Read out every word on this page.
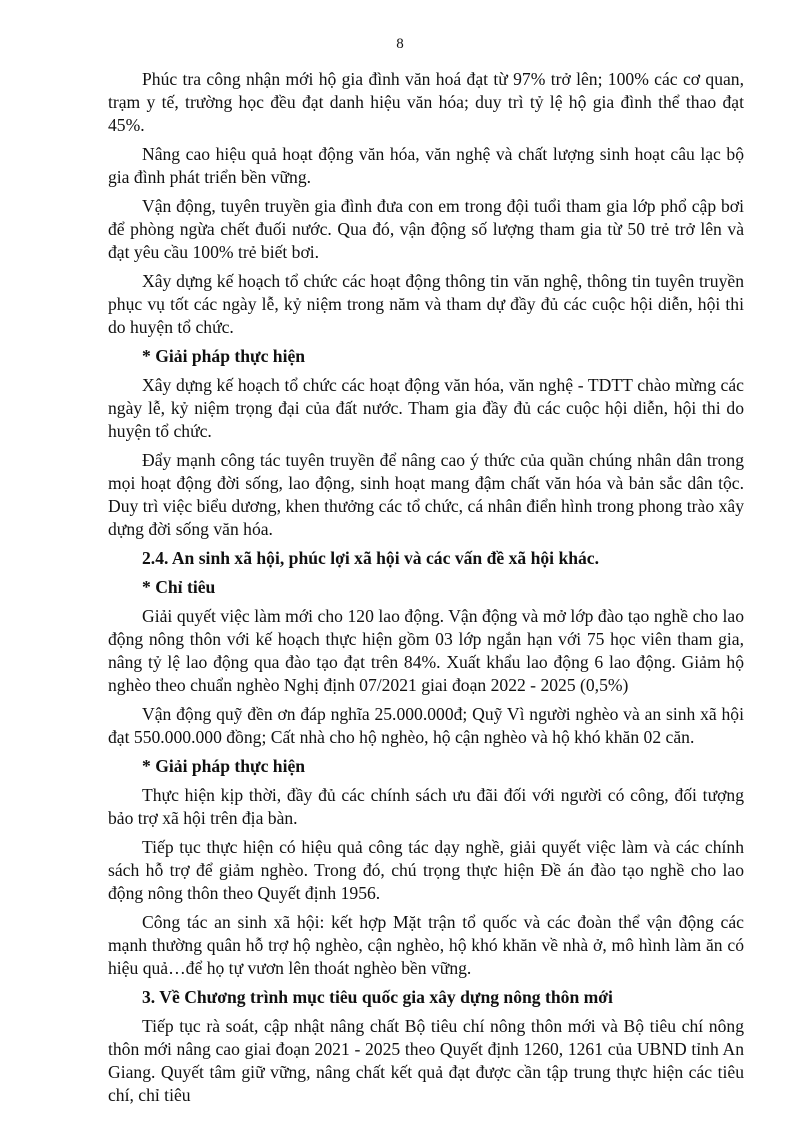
8

Phúc tra công nhận mới hộ gia đình văn hoá đạt từ 97% trở lên; 100% các cơ quan, trạm y tế, trường học đều đạt danh hiệu văn hóa; duy trì tỷ lệ hộ gia đình thể thao đạt 45%.

Nâng cao hiệu quả hoạt động văn hóa, văn nghệ và chất lượng sinh hoạt câu lạc bộ gia đình phát triển bền vững.

Vận động, tuyên truyền gia đình đưa con em trong đội tuổi tham gia lớp phổ cập bơi để phòng ngừa chết đuối nước. Qua đó, vận động số lượng tham gia từ 50 trẻ trở lên và đạt yêu cầu 100% trẻ biết bơi.

Xây dựng kế hoạch tổ chức các hoạt động thông tin văn nghệ, thông tin tuyên truyền phục vụ tốt các ngày lễ, kỷ niệm trong năm và tham dự đầy đủ các cuộc hội diễn, hội thi do huyện tổ chức.

* Giải pháp thực hiện

Xây dựng kế hoạch tổ chức các hoạt động văn hóa, văn nghệ - TDTT chào mừng các ngày lễ, kỷ niệm trọng đại của đất nước. Tham gia đầy đủ các cuộc hội diễn, hội thi do huyện tổ chức.

Đẩy mạnh công tác tuyên truyền để nâng cao ý thức của quần chúng nhân dân trong mọi hoạt động đời sống, lao động, sinh hoạt mang đậm chất văn hóa và bản sắc dân tộc. Duy trì việc biểu dương, khen thưởng các tổ chức, cá nhân điển hình trong phong trào xây dựng đời sống văn hóa.

2.4. An sinh xã hội, phúc lợi xã hội và các vấn đề xã hội khác.
* Chỉ tiêu

Giải quyết việc làm mới cho 120 lao động. Vận động và mở lớp đào tạo nghề cho lao động nông thôn với kế hoạch thực hiện gồm 03 lớp ngắn hạn với 75 học viên tham gia, nâng tỷ lệ lao động qua đào tạo đạt trên 84%. Xuất khẩu lao động 6 lao động. Giảm hộ nghèo theo chuẩn nghèo Nghị định 07/2021 giai đoạn 2022 - 2025 (0,5%)

Vận động quỹ đền ơn đáp nghĩa 25.000.000đ; Quỹ Vì người nghèo và an sinh xã hội đạt 550.000.000 đồng; Cất nhà cho hộ nghèo, hộ cận nghèo và hộ khó khăn 02 căn.

* Giải pháp thực hiện

Thực hiện kịp thời, đầy đủ các chính sách ưu đãi đối với người có công, đối tượng bảo trợ xã hội trên địa bàn.

Tiếp tục thực hiện có hiệu quả công tác dạy nghề, giải quyết việc làm và các chính sách hỗ trợ để giảm nghèo. Trong đó, chú trọng thực hiện Đề án đào tạo nghề cho lao động nông thôn theo Quyết định 1956.

Công tác an sinh xã hội: kết hợp Mặt trận tổ quốc và các đoàn thể vận động các mạnh thường quân hỗ trợ hộ nghèo, cận nghèo, hộ khó khăn về nhà ở, mô hình làm ăn có hiệu quả…để họ tự vươn lên thoát nghèo bền vững.

3. Về Chương trình mục tiêu quốc gia xây dựng nông thôn mới

Tiếp tục rà soát, cập nhật nâng chất Bộ tiêu chí nông thôn mới và Bộ tiêu chí nông thôn mới nâng cao giai đoạn 2021 - 2025 theo Quyết định 1260, 1261 của UBND tỉnh An Giang. Quyết tâm giữ vững, nâng chất kết quả đạt được cần tập trung thực hiện các tiêu chí, chỉ tiêu
